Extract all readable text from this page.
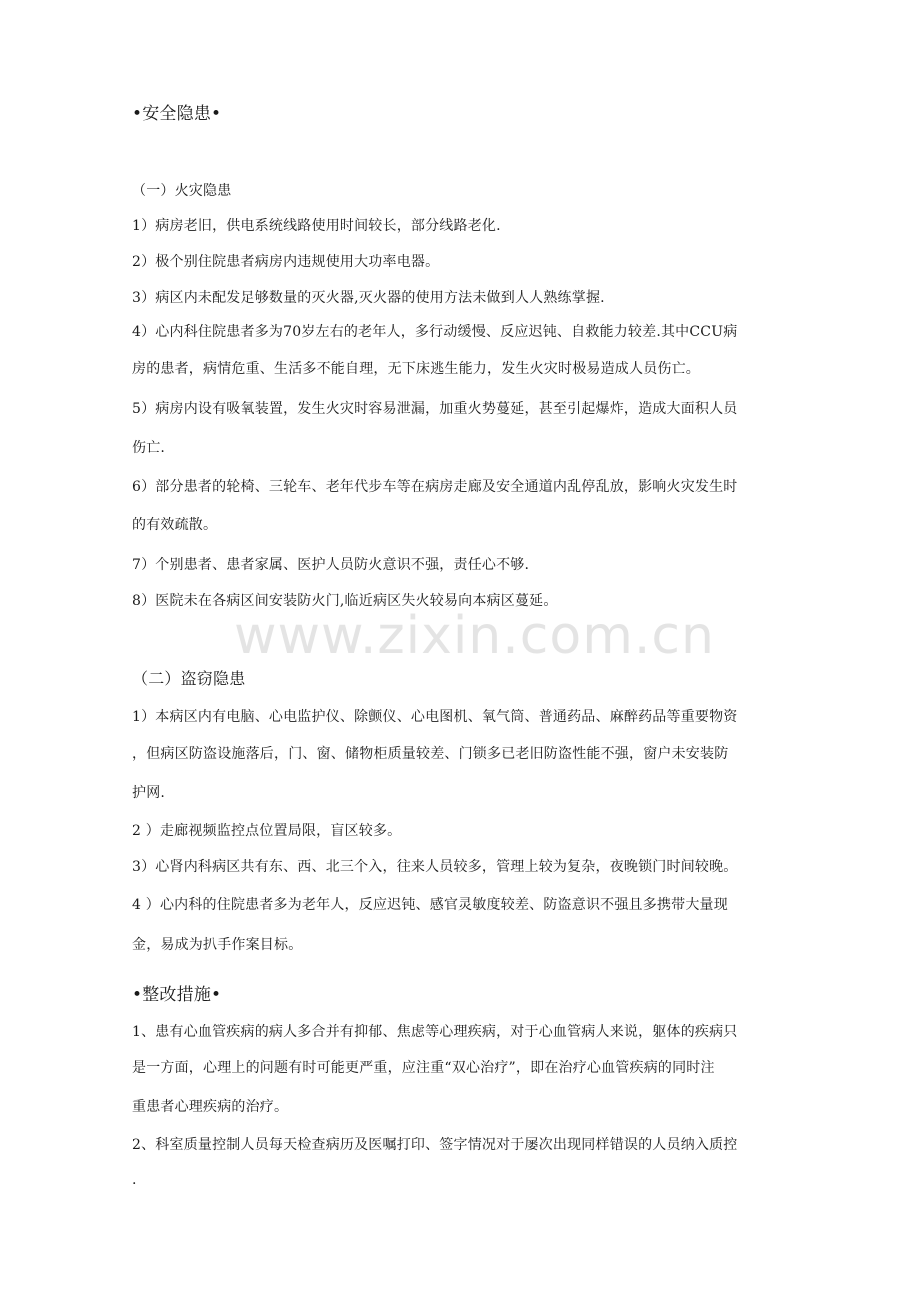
www.zixin.com.cn
•安全隐患•
（一）火灾隐患
1）病房老旧，供电系统线路使用时间较长，部分线路老化.
2）极个别住院患者病房内违规使用大功率电器。
3）病区内未配发足够数量的灭火器,灭火器的使用方法未做到人人熟练掌握.
4）心内科住院患者多为70岁左右的老年人，多行动缓慢、反应迟钝、自救能力较差.其中CCU病
房的患者，病情危重、生活多不能自理，无下床逃生能力，发生火灾时极易造成人员伤亡。
5）病房内设有吸氧装置，发生火灾时容易泄漏，加重火势蔓延，甚至引起爆炸，造成大面积人员
伤亡.
6）部分患者的轮椅、三轮车、老年代步车等在病房走廊及安全通道内乱停乱放，影响火灾发生时
的有效疏散。
7）个别患者、患者家属、医护人员防火意识不强，责任心不够.
8）医院未在各病区间安装防火门,临近病区失火较易向本病区蔓延。
（二）盗窃隐患
1）本病区内有电脑、心电监护仪、除颤仪、心电图机、氧气筒、普通药品、麻醉药品等重要物资
，但病区防盗设施落后，门、窗、储物柜质量较差、门锁多已老旧防盗性能不强，窗户未安装防
护网.
2 ）走廊视频监控点位置局限，盲区较多。
3）心肾内科病区共有东、西、北三个入，往来人员较多，管理上较为复杂，夜晚锁门时间较晚。
4 ）心内科的住院患者多为老年人，反应迟钝、感官灵敏度较差、防盗意识不强且多携带大量现
金，易成为扒手作案目标。
•整改措施•
1、患有心血管疾病的病人多合并有抑郁、焦虑等心理疾病，对于心血管病人来说，躯体的疾病只
是一方面，心理上的问题有时可能更严重，应注重“双心治疗”，即在治疗心血管疾病的同时注
重患者心理疾病的治疗。
2、科室质量控制人员每天检查病历及医嘱打印、签字情况对于屡次出现同样错误的人员纳入质控
.
